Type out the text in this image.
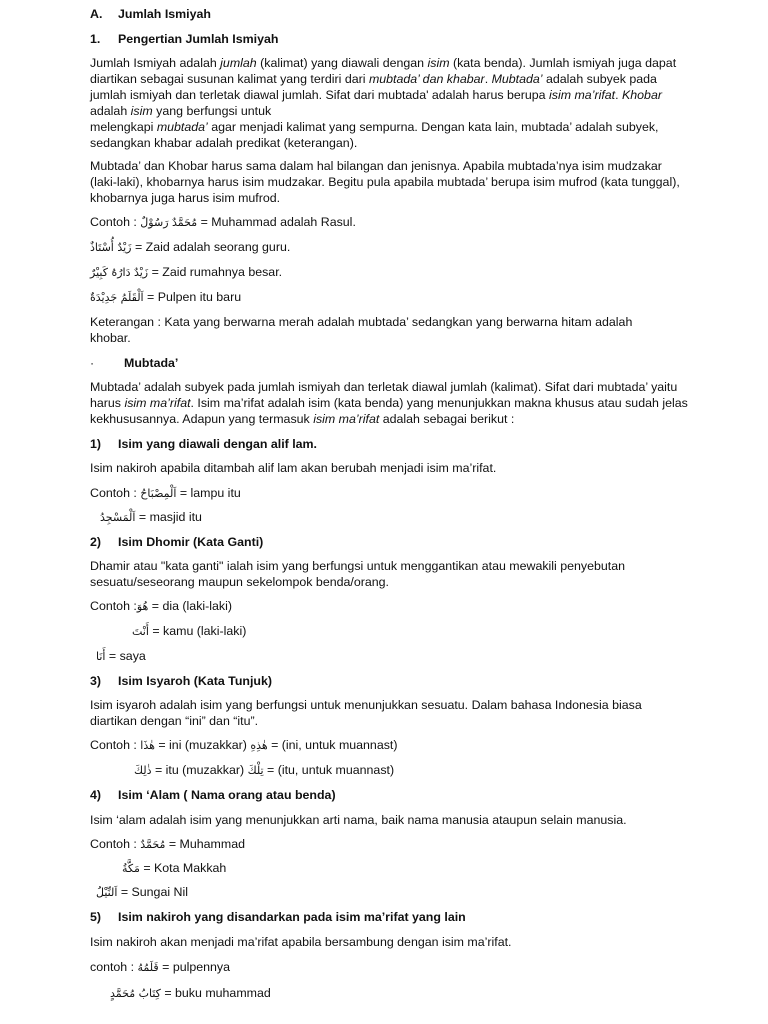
A. Jumlah Ismiyah

1. Pengertian Jumlah Ismiyah

Jumlah Ismiyah adalah jumlah (kalimat) yang diawali dengan isim (kata benda). Jumlah ismiyah juga dapat diartikan sebagai susunan kalimat yang terdiri dari mubtada’ dan khabar. Mubtada’ adalah subyek pada jumlah ismiyah dan terletak diawal jumlah. Sifat dari mubtada' adalah harus berupa isim ma’rifat. Khobar adalah isim yang berfungsi untuk
melengkapi mubtada’ agar menjadi kalimat yang sempurna. Dengan kata lain, mubtada’ adalah subyek, sedangkan khabar adalah predikat (keterangan).

Mubtada’ dan Khobar harus sama dalam hal bilangan dan jenisnya. Apabila mubtada’nya isim mudzakar (laki-laki), khobarnya harus isim mudzakar. Begitu pula apabila mubtada’ berupa isim mufrod (kata tunggal), khobarnya juga harus isim mufrod.

Contoh : مُحَمَّدٌ رَسُوْلٌ = Muhammad adalah Rasul.

زَيْدٌ أُسْتَاذٌ = Zaid adalah seorang guru.

زَيْدٌ دَارُهُ كَبِيْرٌ = Zaid rumahnya besar.

اَلْقَلَمُ جَدِيْدَةٌ = Pulpen itu baru

Keterangan : Kata yang berwarna merah adalah mubtada’ sedangkan yang berwarna hitam adalah khobar.

· Mubtada’

Mubtada’ adalah subyek pada jumlah ismiyah dan terletak diawal jumlah (kalimat). Sifat dari mubtada’ yaitu harus isim ma’rifat. Isim ma’rifat adalah isim (kata benda) yang menunjukkan makna khusus atau sudah jelas kekhususannya. Adapun yang termasuk isim ma’rifat adalah sebagai berikut :

1) Isim yang diawali dengan alif lam.

Isim nakiroh apabila ditambah alif lam akan berubah menjadi isim ma’rifat.

Contoh : اَلْمِصْبَاحُ = lampu itu

اَلْمَسْجِدُ = masjid itu

2) Isim Dhomir (Kata Ganti)

Dhamir atau "kata ganti" ialah isim yang berfungsi untuk menggantikan atau mewakili penyebutan sesuatu/seseorang maupun sekelompok benda/orang.

Contoh :هُوَ = dia (laki-laki)

أَنْتَ = kamu (laki-laki)

أَنَا = saya

3) Isim Isyaroh (Kata Tunjuk)

Isim isyaroh adalah isim yang berfungsi untuk menunjukkan sesuatu. Dalam bahasa Indonesia biasa diartikan dengan “ini” dan “itu”.

Contoh : هٰذَا = ini (muzakkar) هٰذِهِ = (ini, untuk muannast)

ذٰلِكَ = itu (muzakkar) تِلْكَ = (itu, untuk muannast)

4) Isim ‘Alam ( Nama orang atau benda)

Isim ‘alam adalah isim yang menunjukkan arti nama, baik nama manusia ataupun selain manusia.

Contoh : مُحَمَّدٌ = Muhammad

مَكَّةُ = Kota Makkah

اَلنِّيْلُ = Sungai Nil

5) Isim nakiroh yang disandarkan pada isim ma’rifat yang lain

Isim nakiroh akan menjadi ma’rifat apabila bersambung dengan isim ma’rifat.

contoh : قَلَمُهُ = pulpennya

كِتَابُ مُحَمَّدٍ = buku muhammad
